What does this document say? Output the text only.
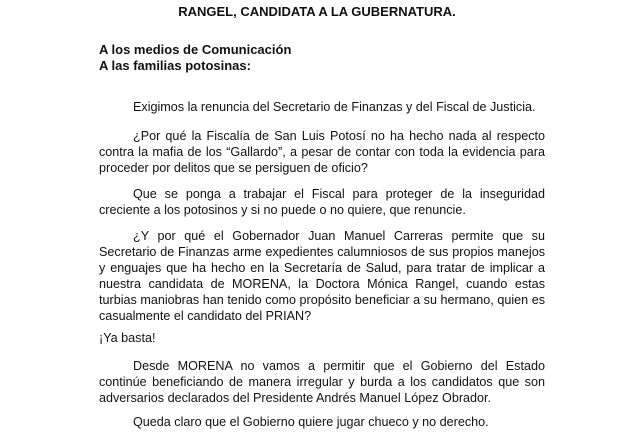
RANGEL, CANDIDATA A LA GUBERNATURA.
A los medios de Comunicación
A las familias potosinas:
Exigimos la renuncia del Secretario de Finanzas y del Fiscal de Justicia.
¿Por qué la Fiscalía de San Luis Potosí no ha hecho nada al respecto contra la mafia de los “Gallardo”, a pesar de contar con toda la evidencia para proceder por delitos que se persiguen de oficio?
Que se ponga a trabajar el Fiscal para proteger de la inseguridad creciente a los potosinos y si no puede o no quiere, que renuncie.
¿Y por qué el Gobernador Juan Manuel Carreras permite que su Secretario de Finanzas arme expedientes calumniosos de sus propios manejos y enguajes que ha hecho en la Secretaría de Salud, para tratar de implicar a nuestra candidata de MORENA, la Doctora Mónica Rangel, cuando estas turbias maniobras han tenido como propósito beneficiar a su hermano, quien es casualmente el candidato del PRIAN?
¡Ya basta!
Desde MORENA no vamos a permitir que el Gobierno del Estado continúe beneficiando de manera irregular y burda a los candidatos que son adversarios declarados del Presidente Andrés Manuel López Obrador.
Queda claro que el Gobierno quiere jugar chueco y no derecho.
